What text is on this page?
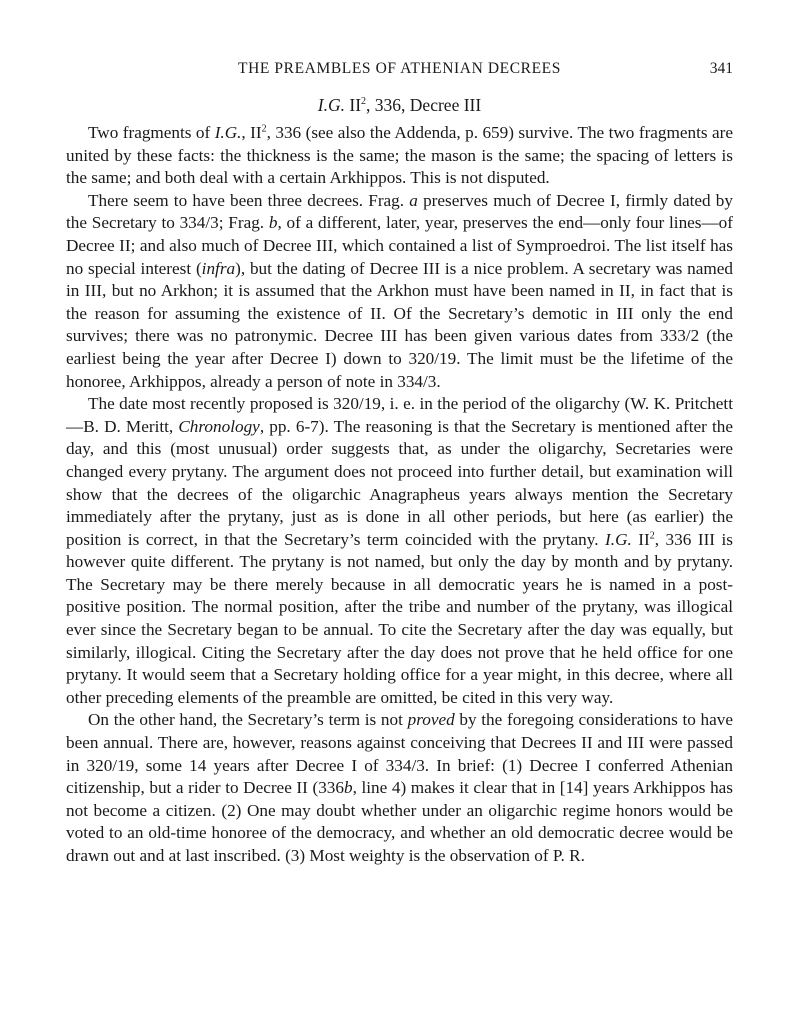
THE PREAMBLES OF ATHENIAN DECREES	341
I.G. $II^2$, 336, Decree III

Two fragments of I.G., $II^2$, 336 (see also the Addenda, p. 659) survive. The two fragments are united by these facts: the thickness is the same; the mason is the same; the spacing of letters is the same; and both deal with a certain Arkhippos. This is not disputed.

There seem to have been three decrees. Frag. a preserves much of Decree I, firmly dated by the Secretary to 334/3; Frag. b, of a different, later, year, preserves the end—only four lines—of Decree II; and also much of Decree III, which contained a list of Symproedroi. The list itself has no special interest (infra), but the dating of Decree III is a nice problem. A secretary was named in III, but no Arkhon; it is assumed that the Arkhon must have been named in II, in fact that is the reason for assuming the existence of II. Of the Secretary’s demotic in III only the end survives; there was no patronymic. Decree III has been given various dates from 333/2 (the earliest being the year after Decree I) down to 320/19. The limit must be the lifetime of the honoree, Arkhippos, already a person of note in 334/3.

The date most recently proposed is 320/19, i. e. in the period of the oligarchy (W. K. Pritchett—B. D. Meritt, Chronology, pp. 6-7). The reasoning is that the Secretary is mentioned after the day, and this (most unusual) order suggests that, as under the oligarchy, Secretaries were changed every prytany. The argument does not proceed into further detail, but examination will show that the decrees of the oligarchic Anagrapheus years always mention the Secretary immediately after the prytany, just as is done in all other periods, but here (as earlier) the position is correct, in that the Secretary’s term coincided with the prytany. I.G. $II^2$, 336 III is however quite different. The prytany is not named, but only the day by month and by prytany. The Secretary may be there merely because in all democratic years he is named in a post-positive position. The normal position, after the tribe and number of the prytany, was illogical ever since the Secretary began to be annual. To cite the Secretary after the day was equally, but similarly, illogical. Citing the Secretary after the day does not prove that he held office for one prytany. It would seem that a Secretary holding office for a year might, in this decree, where all other preceding elements of the preamble are omitted, be cited in this very way.

On the other hand, the Secretary’s term is not proved by the foregoing considerations to have been annual. There are, however, reasons against conceiving that Decrees II and III were passed in 320/19, some 14 years after Decree I of 334/3. In brief: (1) Decree I conferred Athenian citizenship, but a rider to Decree II (336b, line 4) makes it clear that in [14] years Arkhippos has not become a citizen. (2) One may doubt whether under an oligarchic regime honors would be voted to an old-time honoree of the democracy, and whether an old democratic decree would be drawn out and at last inscribed. (3) Most weighty is the observation of P. R.
